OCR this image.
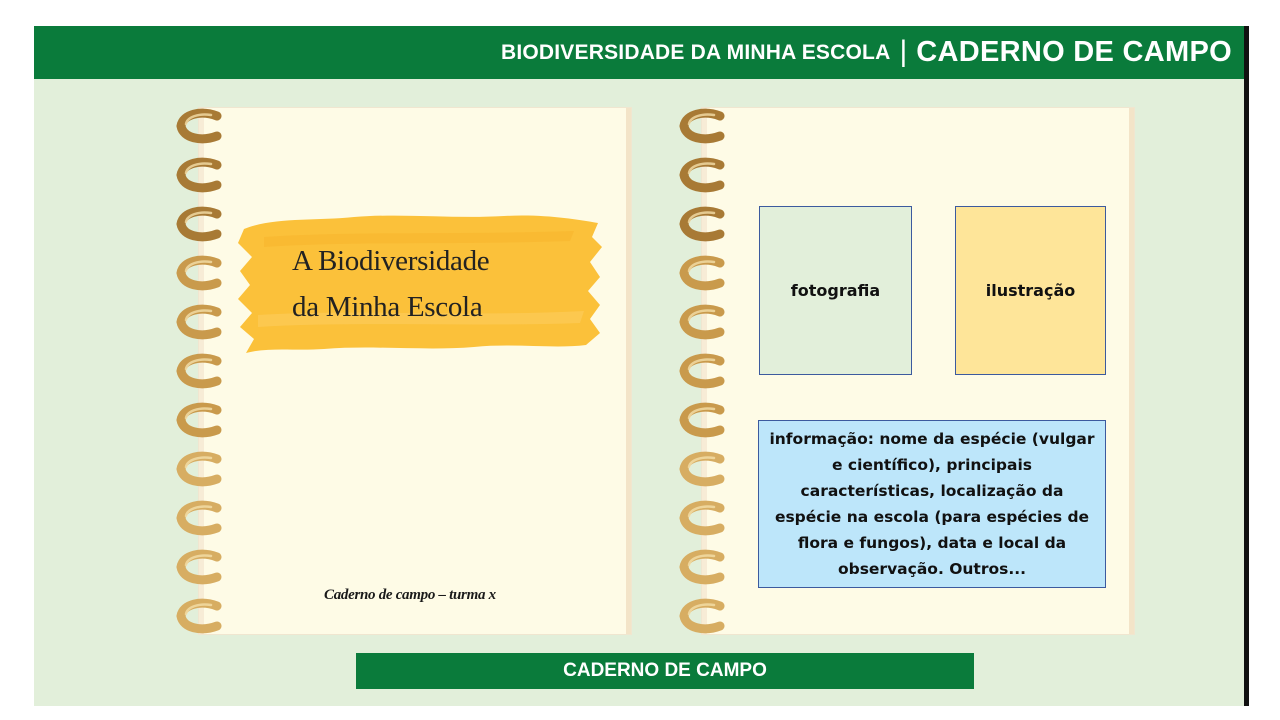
BIODIVERSIDADE DA MINHA ESCOLA | CADERNO DE CAMPO
A Biodiversidade
da Minha Escola
Caderno de campo – turma x
fotografia	ilustração
informação: nome da espécie (vulgar e científico), principais características, localização da espécie na escola (para espécies de flora e fungos), data e local da observação. Outros...
CADERNO DE CAMPO
